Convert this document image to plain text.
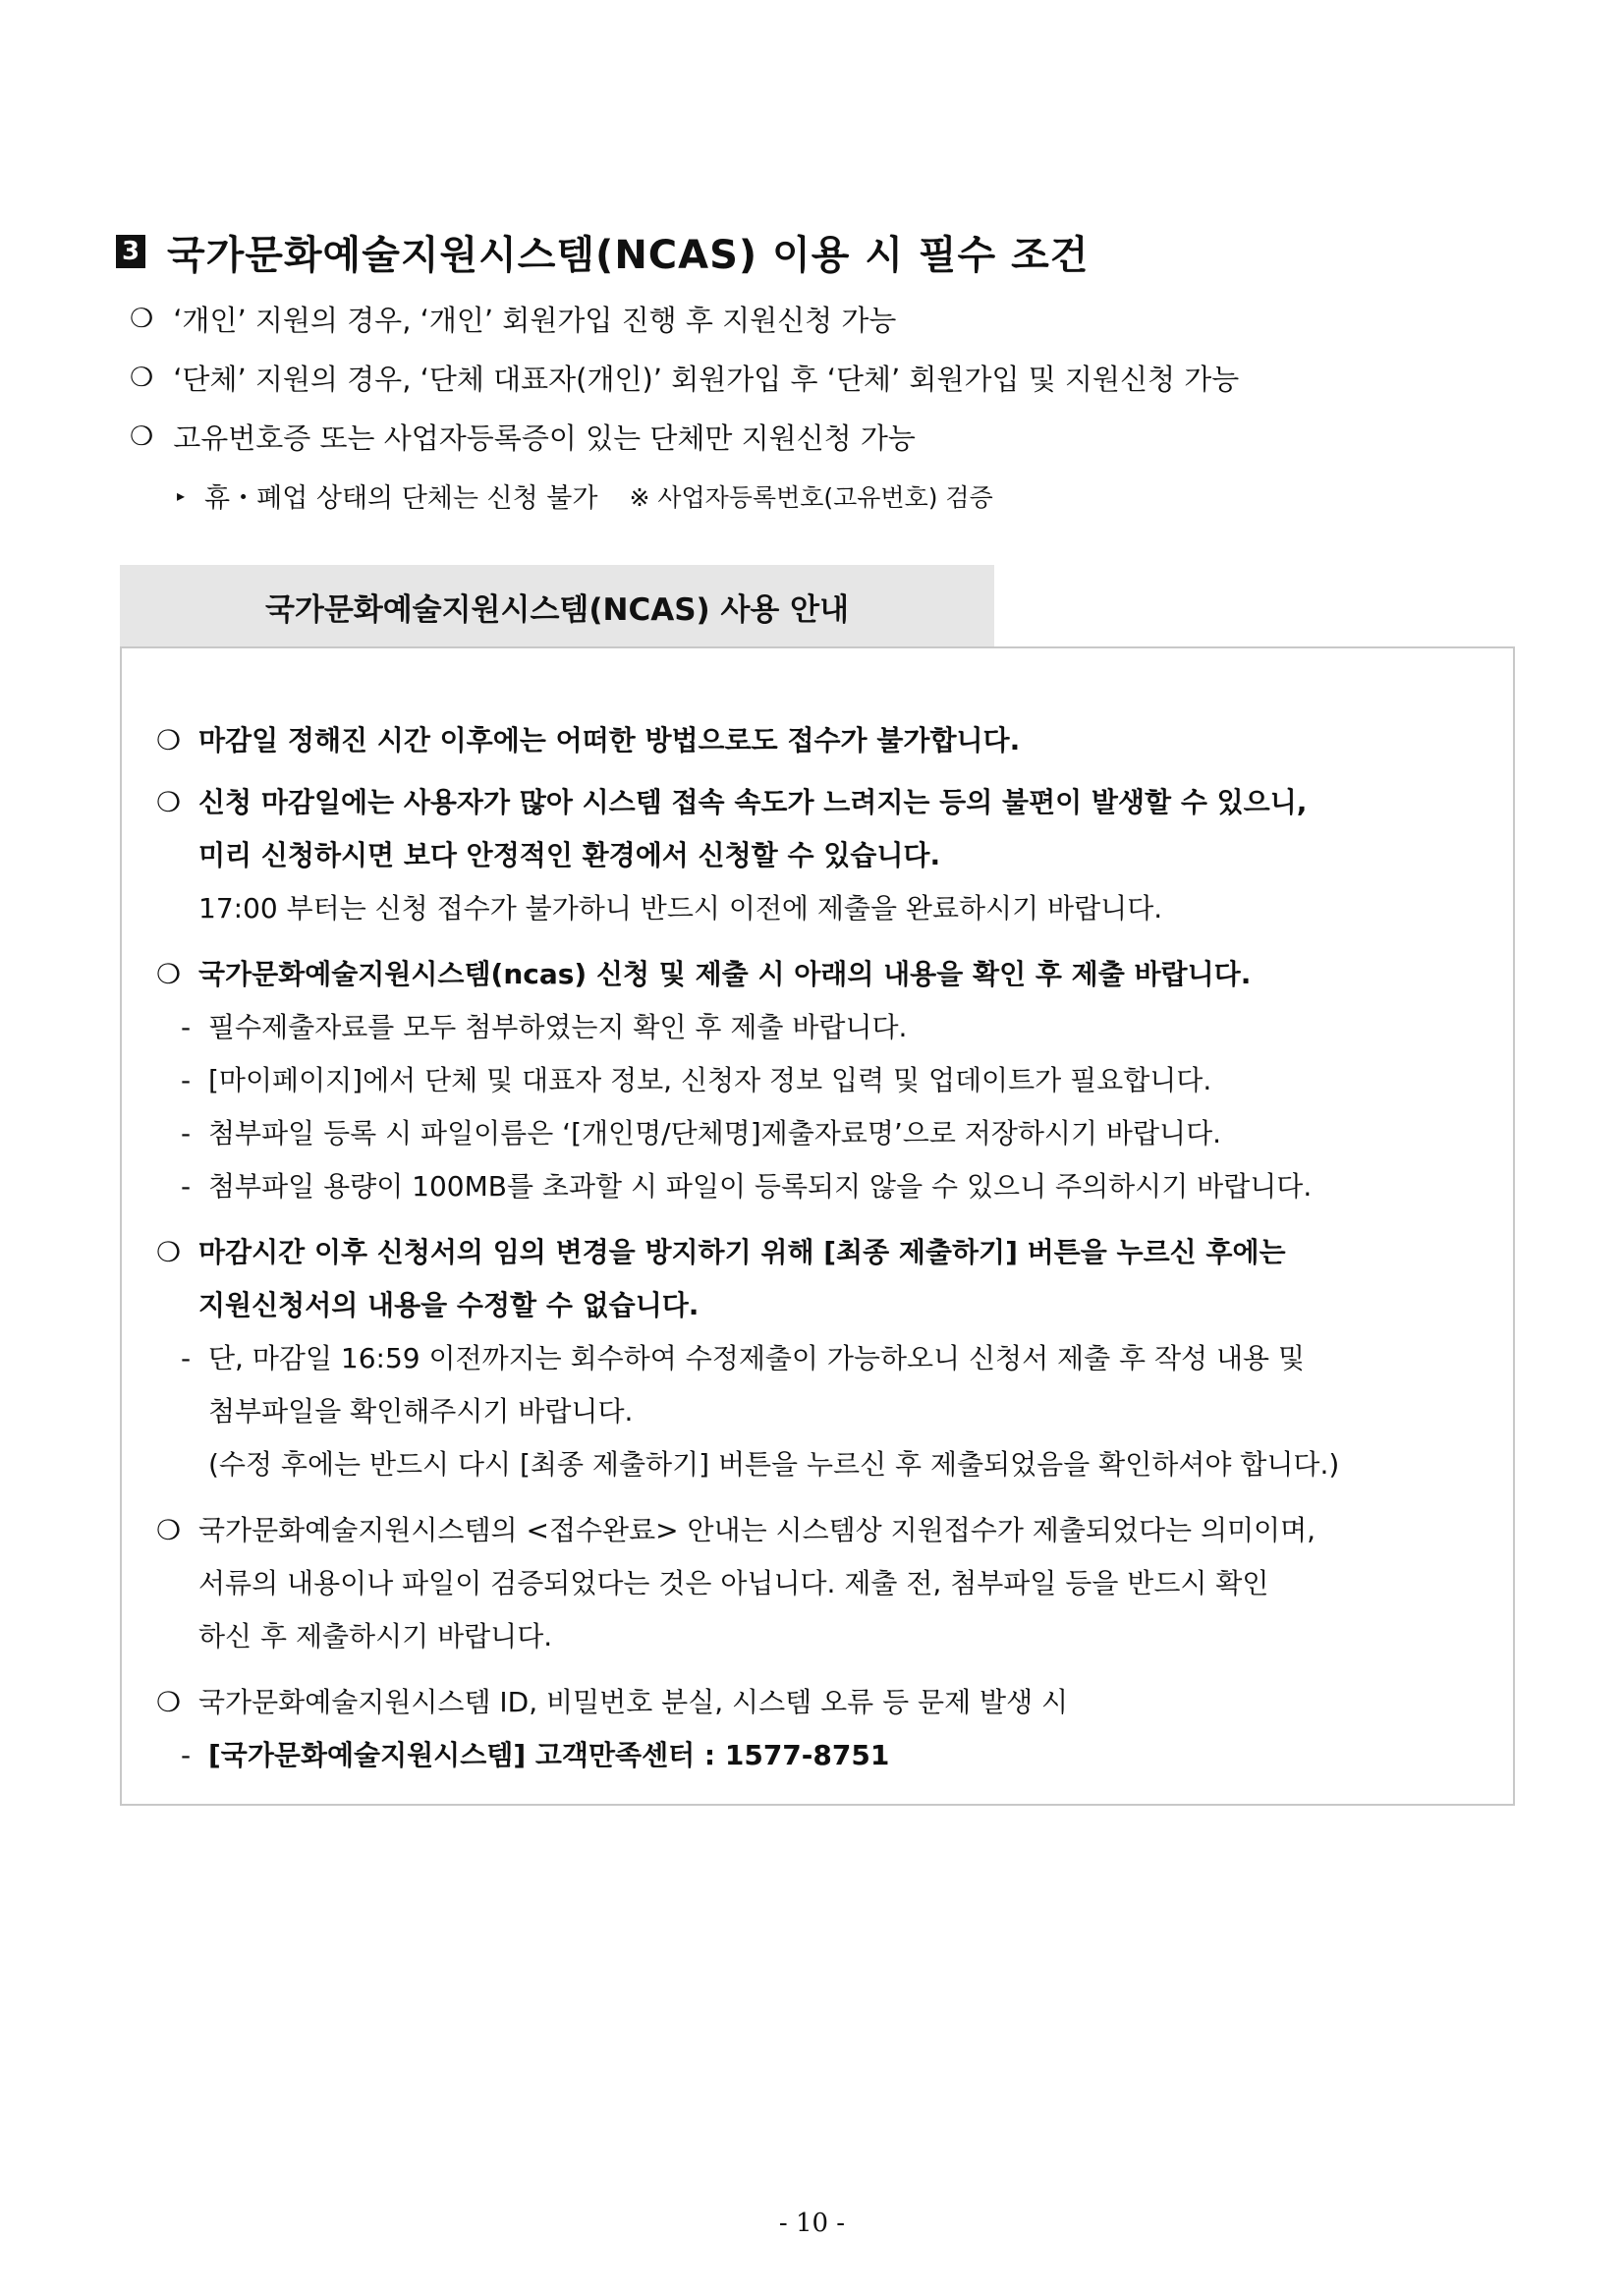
3 국가문화예술지원시스템(NCAS) 이용 시 필수 조건
❍ ‘개인’ 지원의 경우, ‘개인’ 회원가입 진행 후 지원신청 가능
❍ ‘단체’ 지원의 경우, ‘단체 대표자(개인)’ 회원가입 후 ‘단체’ 회원가입 및 지원신청 가능
❍ 고유번호증 또는 사업자등록증이 있는 단체만 지원신청 가능
▸ 휴・폐업 상태의 단체는 신청 불가 ※ 사업자등록번호(고유번호) 검증
국가문화예술지원시스템(NCAS) 사용 안내
❍ 마감일 정해진 시간 이후에는 어떠한 방법으로도 접수가 불가합니다.
❍ 신청 마감일에는 사용자가 많아 시스템 접속 속도가 느려지는 등의 불편이 발생할 수 있으니,
미리 신청하시면 보다 안정적인 환경에서 신청할 수 있습니다.
17:00 부터는 신청 접수가 불가하니 반드시 이전에 제출을 완료하시기 바랍니다.
❍ 국가문화예술지원시스템(ncas) 신청 및 제출 시 아래의 내용을 확인 후 제출 바랍니다.
- 필수제출자료를 모두 첨부하였는지 확인 후 제출 바랍니다.
- [마이페이지]에서 단체 및 대표자 정보, 신청자 정보 입력 및 업데이트가 필요합니다.
- 첨부파일 등록 시 파일이름은 ‘[개인명/단체명]제출자료명’으로 저장하시기 바랍니다.
- 첨부파일 용량이 100MB를 초과할 시 파일이 등록되지 않을 수 있으니 주의하시기 바랍니다.
❍ 마감시간 이후 신청서의 임의 변경을 방지하기 위해 [최종 제출하기] 버튼을 누르신 후에는
지원신청서의 내용을 수정할 수 없습니다.
- 단, 마감일 16:59 이전까지는 회수하여 수정제출이 가능하오니 신청서 제출 후 작성 내용 및
첨부파일을 확인해주시기 바랍니다.
(수정 후에는 반드시 다시 [최종 제출하기] 버튼을 누르신 후 제출되었음을 확인하셔야 합니다.)
❍ 국가문화예술지원시스템의 <접수완료> 안내는 시스템상 지원접수가 제출되었다는 의미이며,
서류의 내용이나 파일이 검증되었다는 것은 아닙니다. 제출 전, 첨부파일 등을 반드시 확인
하신 후 제출하시기 바랍니다.
❍ 국가문화예술지원시스템 ID, 비밀번호 분실, 시스템 오류 등 문제 발생 시
- [국가문화예술지원시스템] 고객만족센터 : 1577-8751
- 10 -
